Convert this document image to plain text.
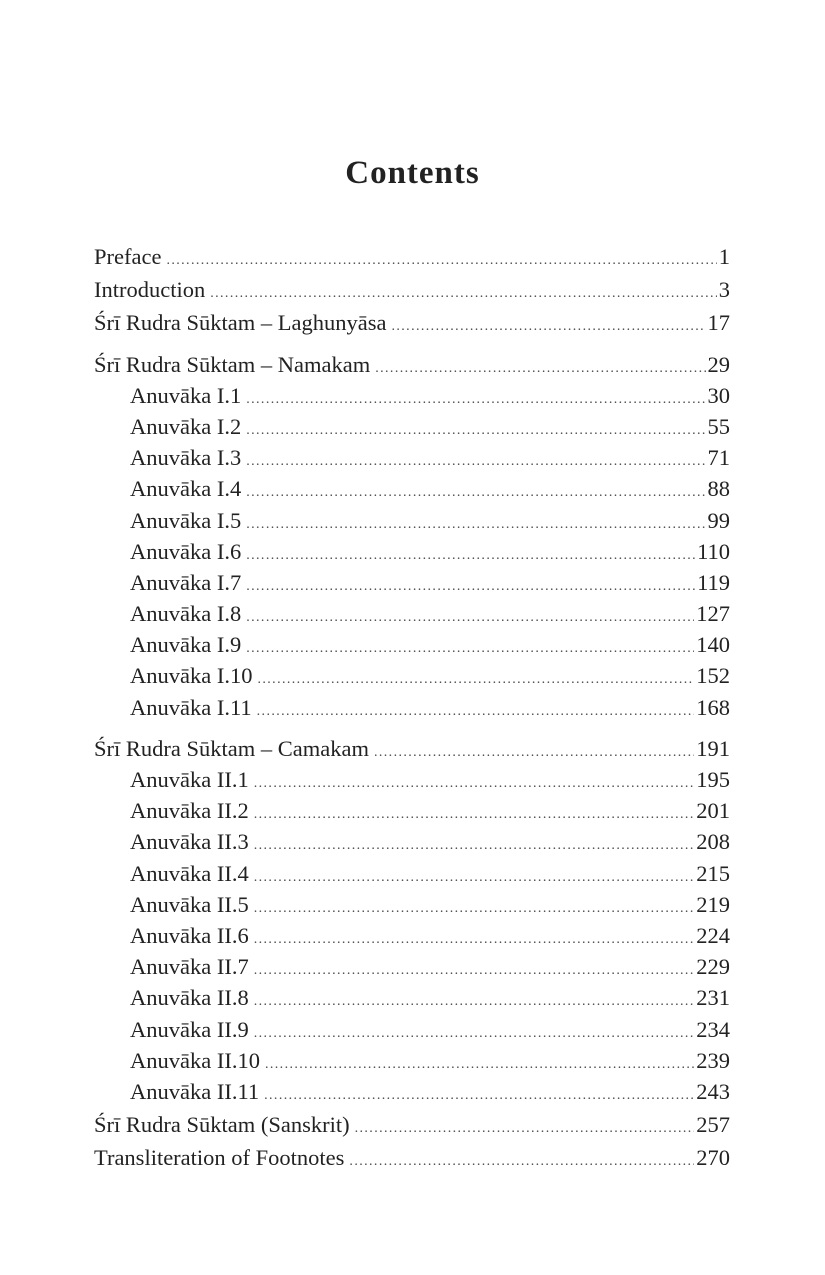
Contents
Preface .....	1
Introduction .....	3
Śrī Rudra Sūktam – Laghunyāsa .....	17
Śrī Rudra Sūktam – Namakam .....	29
Anuvāka I.1 .....	30
Anuvāka I.2 .....	55
Anuvāka I.3 .....	71
Anuvāka I.4 .....	88
Anuvāka I.5 .....	99
Anuvāka I.6 .....	110
Anuvāka I.7 .....	119
Anuvāka I.8 .....	127
Anuvāka I.9 .....	140
Anuvāka I.10 .....	152
Anuvāka I.11 .....	168
Śrī Rudra Sūktam – Camakam .....	191
Anuvāka II.1 .....	195
Anuvāka II.2 .....	201
Anuvāka II.3 .....	208
Anuvāka II.4 .....	215
Anuvāka II.5 .....	219
Anuvāka II.6 .....	224
Anuvāka II.7 .....	229
Anuvāka II.8 .....	231
Anuvāka II.9 .....	234
Anuvāka II.10 .....	239
Anuvāka II.11 .....	243
Śrī Rudra Sūktam (Sanskrit) .....	257
Transliteration of Footnotes .....	270
